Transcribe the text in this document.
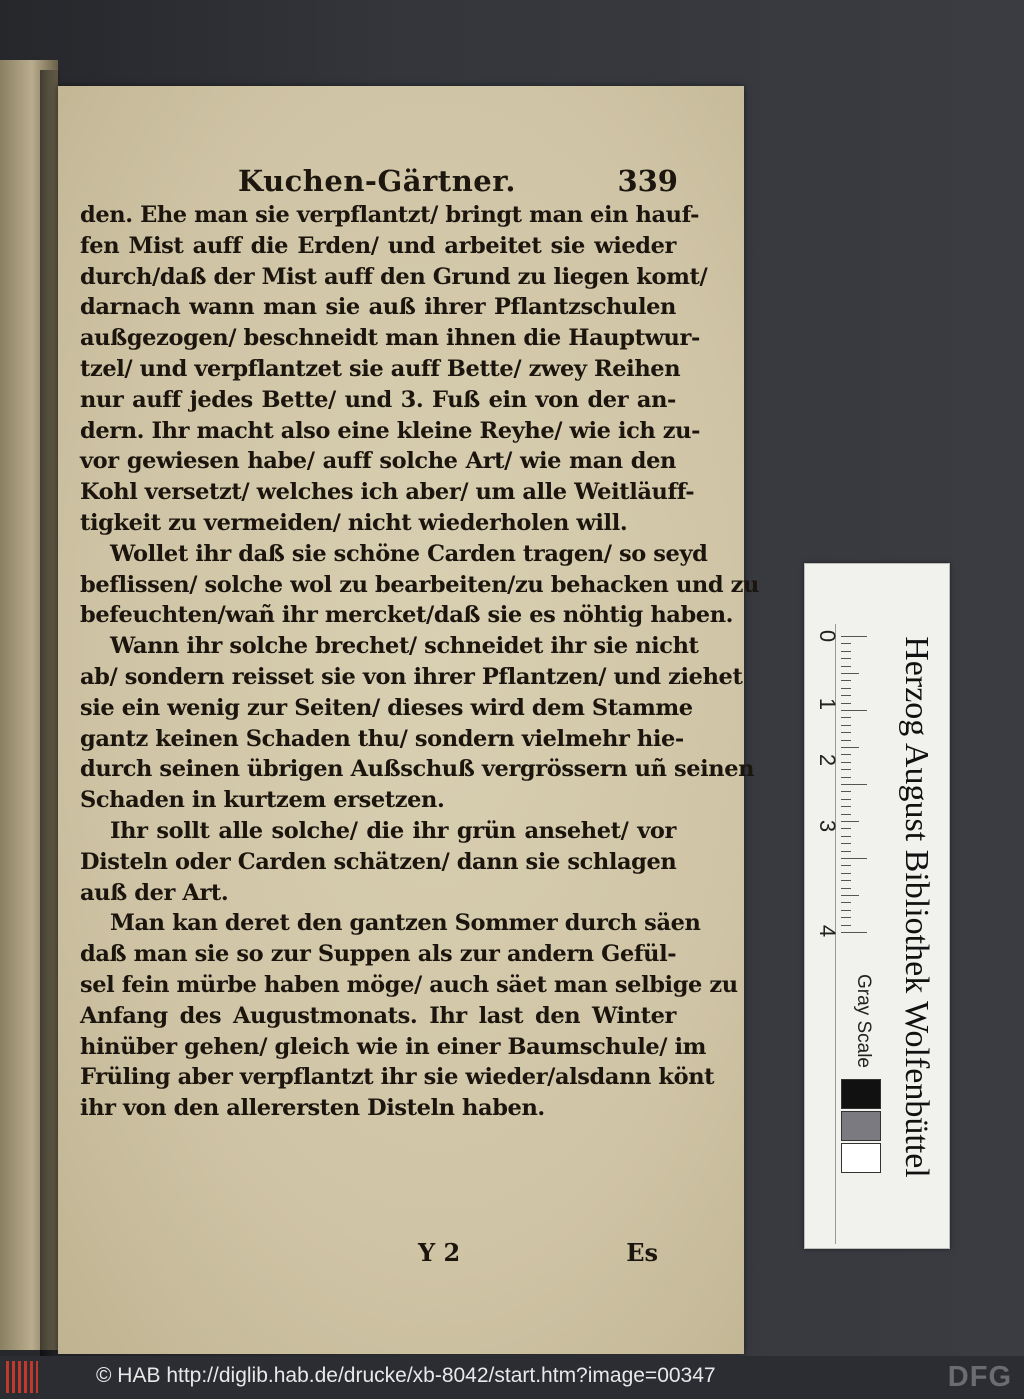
Kuchen-Gärtner.	339
den. Ehe man sie verpflantzt/ bringt man ein hauf-
fen Mist auff die Erden/ und arbeitet sie wieder
durch/daß der Mist auff den Grund zu liegen komt/
darnach wann man sie auß ihrer Pflantzschulen
außgezogen/ beschneidt man ihnen die Hauptwur-
tzel/ und verpflantzet sie auff Bette/ zwey Reihen
nur auff jedes Bette/ und 3. Fuß ein von der an-
dern. Ihr macht also eine kleine Reyhe/ wie ich zu-
vor gewiesen habe/ auff solche Art/ wie man den
Kohl versetzt/ welches ich aber/ um alle Weitläuff-
tigkeit zu vermeiden/ nicht wiederholen will.
Wollet ihr daß sie schöne Carden tragen/ so seyd
beflissen/ solche wol zu bearbeiten/zu behacken und zu
befeuchten/wañ ihr mercket/daß sie es nöhtig haben.
Wann ihr solche brechet/ schneidet ihr sie nicht
ab/ sondern reisset sie von ihrer Pflantzen/ und ziehet
sie ein wenig zur Seiten/ dieses wird dem Stamme
gantz keinen Schaden thu/ sondern vielmehr hie-
durch seinen übrigen Außschuß vergrössern uñ seinen
Schaden in kurtzem ersetzen.
Ihr sollt alle solche/ die ihr grün ansehet/ vor
Disteln oder Carden schätzen/ dann sie schlagen
auß der Art.
Man kan deret den gantzen Sommer durch säen
daß man sie so zur Suppen als zur andern Gefül-
sel fein mürbe haben möge/ auch säet man selbige zu
Anfang des Augustmonats. Ihr last den Winter
hinüber gehen/ gleich wie in einer Baumschule/ im
Früling aber verpflantzt ihr sie wieder/alsdann könt
ihr von den allerersten Disteln haben.
Y 2	Es
Herzog August Bibliothek Wolfenbüttel
Gray Scale
0
1
2
3
4
© HAB http://diglib.hab.de/drucke/xb-8042/start.htm?image=00347	DFG
